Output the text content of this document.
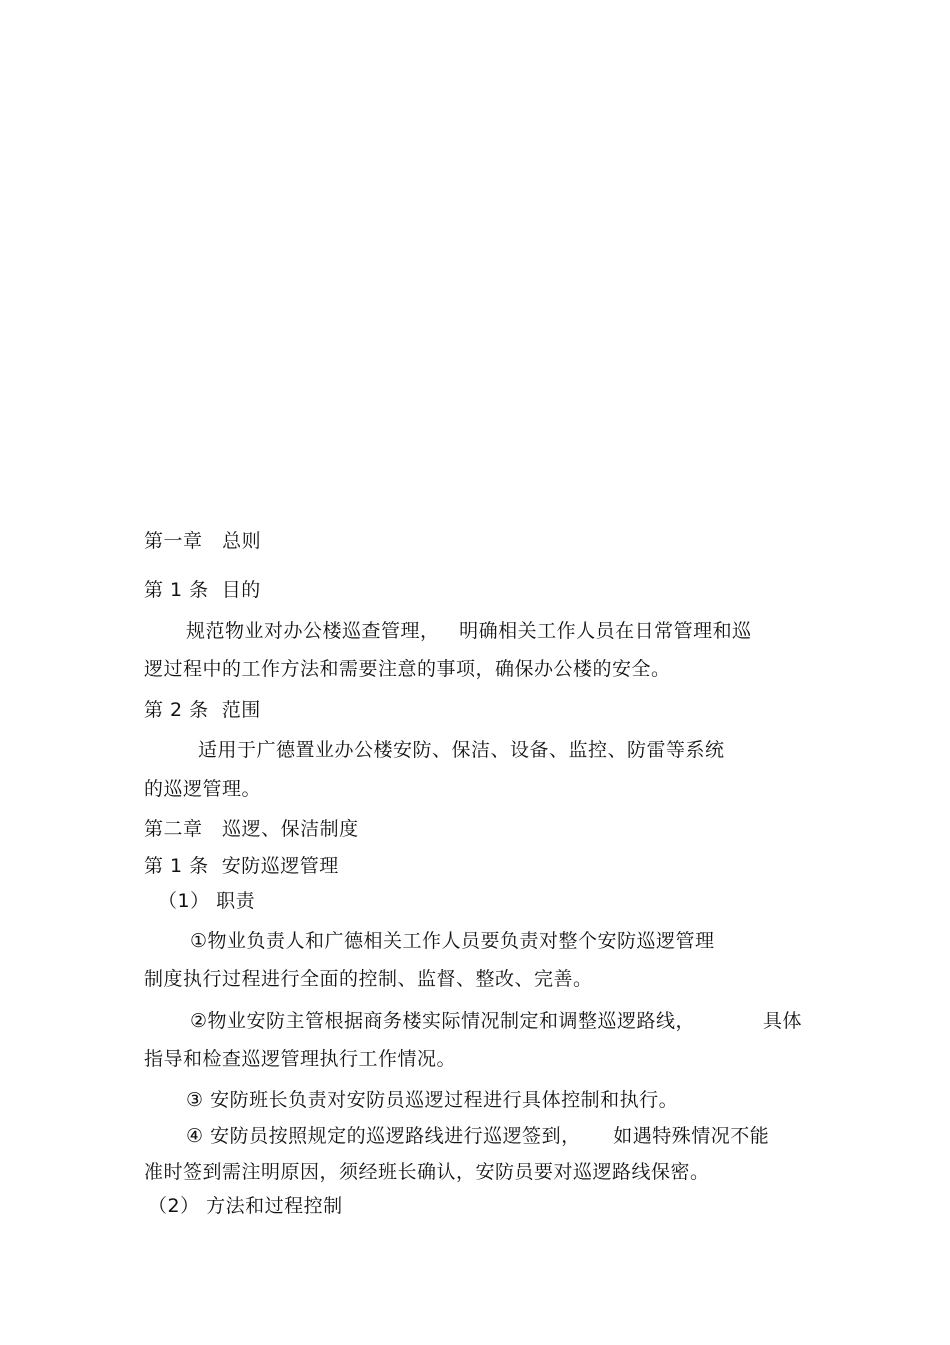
第一章   总则
第 1 条  目的
规范物业对办公楼巡查管理，   明确相关工作人员在日常管理和巡
逻过程中的工作方法和需要注意的事项，确保办公楼的安全。
第 2 条  范围
适用于广德置业办公楼安防、保洁、设备、监控、防雷等系统
的巡逻管理。
第二章   巡逻、保洁制度
第 1 条  安防巡逻管理
（1） 职责
①物业负责人和广德相关工作人员要负责对整个安防巡逻管理
制度执行过程进行全面的控制、监督、整改、完善。
②物业安防主管根据商务楼实际情况制定和调整巡逻路线，	具体
指导和检查巡逻管理执行工作情况。
③ 安防班长负责对安防员巡逻过程进行具体控制和执行。
④ 安防员按照规定的巡逻路线进行巡逻签到，     如遇特殊情况不能
准时签到需注明原因，须经班长确认，安防员要对巡逻路线保密。
（2） 方法和过程控制
